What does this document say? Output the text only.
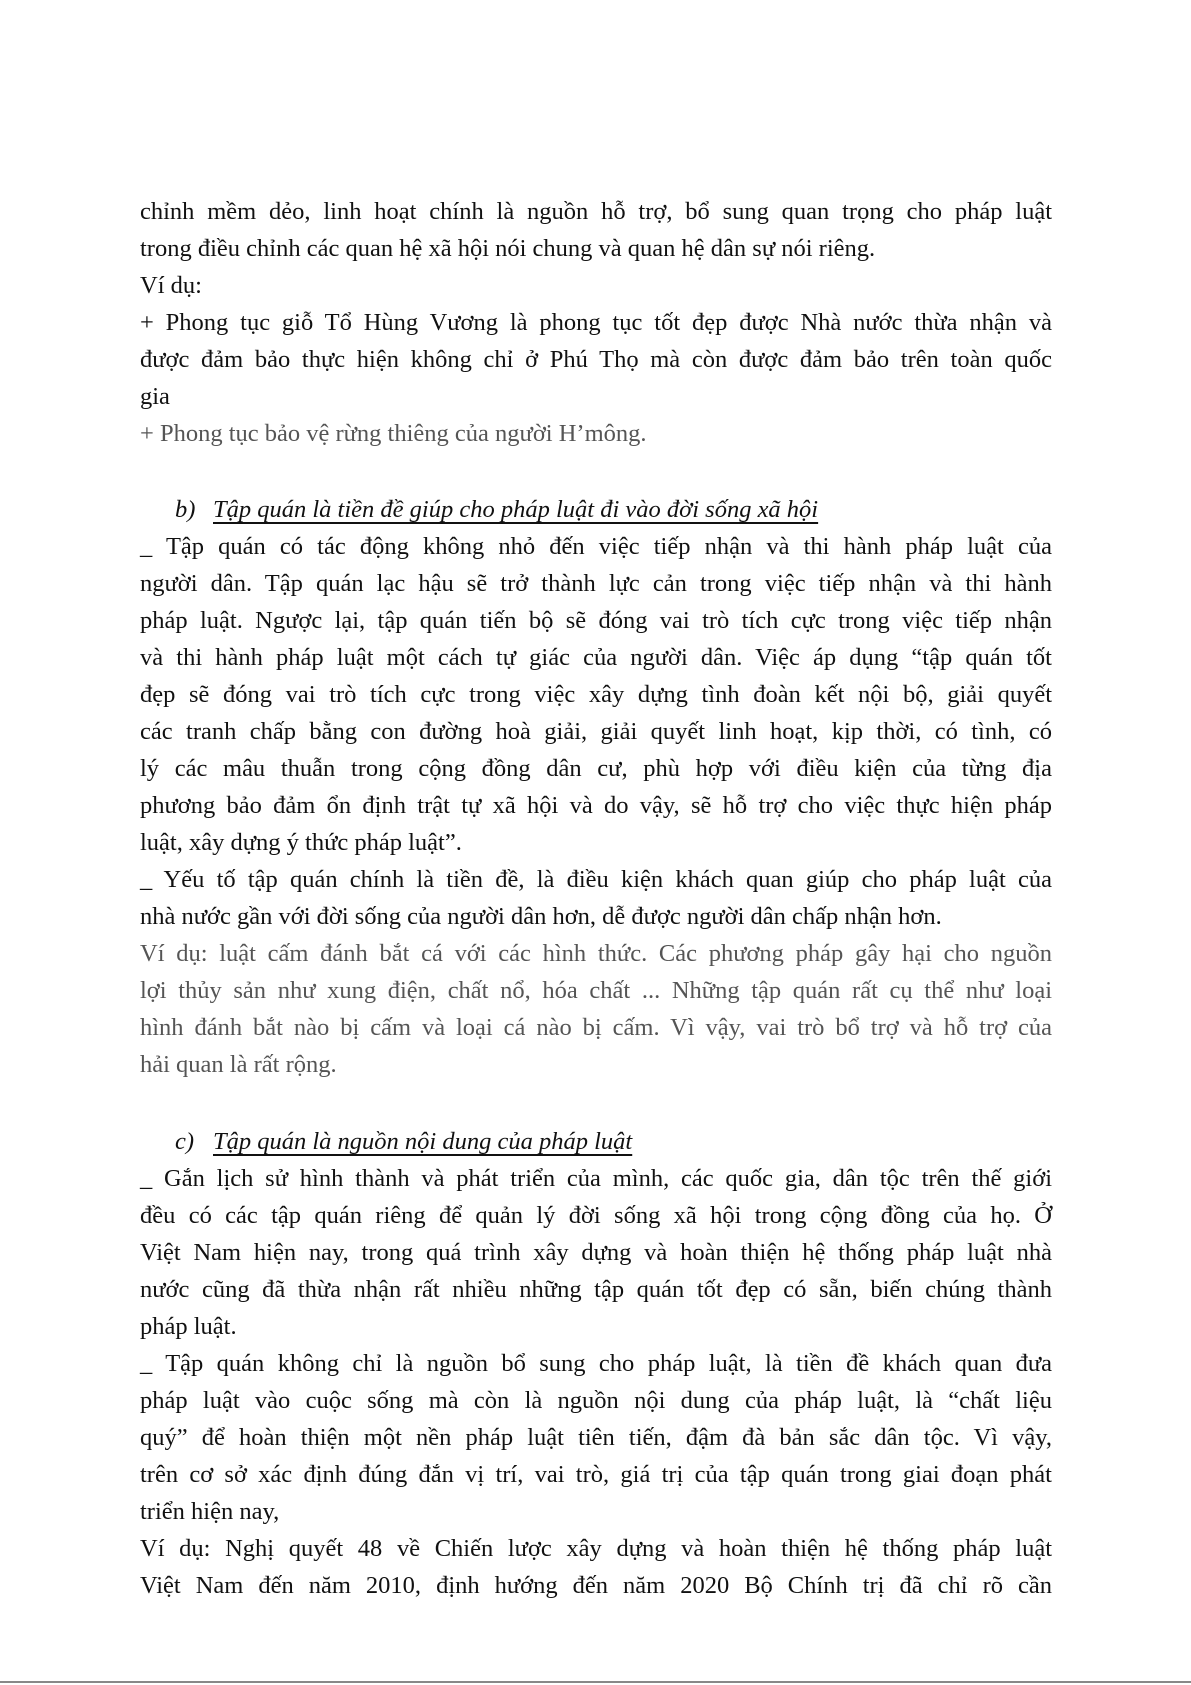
chỉnh mềm dẻo, linh hoạt chính là nguồn hỗ trợ, bổ sung quan trọng cho pháp luật

trong điều chỉnh các quan hệ xã hội nói chung và quan hệ dân sự nói riêng.

Ví dụ:

+ Phong tục giỗ Tổ Hùng Vương là phong tục tốt đẹp được Nhà nước thừa nhận và

được đảm bảo thực hiện không chỉ ở Phú Thọ mà còn được đảm bảo trên toàn quốc

gia

+ Phong tục bảo vệ rừng thiêng của người H’mông.

b) Tập quán là tiền đề giúp cho pháp luật đi vào đời sống xã hội

_ Tập quán có tác động không nhỏ đến việc tiếp nhận và thi hành pháp luật của

người dân. Tập quán lạc hậu sẽ trở thành lực cản trong việc tiếp nhận và thi hành

pháp luật. Ngược lại, tập quán tiến bộ sẽ đóng vai trò tích cực trong việc tiếp nhận

và thi hành pháp luật một cách tự giác của người dân. Việc áp dụng “tập quán tốt

đẹp sẽ đóng vai trò tích cực trong việc xây dựng tình đoàn kết nội bộ, giải quyết

các tranh chấp bằng con đường hoà giải, giải quyết linh hoạt, kịp thời, có tình, có

lý các mâu thuẫn trong cộng đồng dân cư, phù hợp với điều kiện của từng địa

phương bảo đảm ổn định trật tự xã hội và do vậy, sẽ hỗ trợ cho việc thực hiện pháp

luật, xây dựng ý thức pháp luật”.

_ Yếu tố tập quán chính là tiền đề, là điều kiện khách quan giúp cho pháp luật của

nhà nước gần với đời sống của người dân hơn, dễ được người dân chấp nhận hơn.

Ví dụ: luật cấm đánh bắt cá với các hình thức. Các phương pháp gây hại cho nguồn

lợi thủy sản như xung điện, chất nổ, hóa chất ... Những tập quán rất cụ thể như loại

hình đánh bắt nào bị cấm và loại cá nào bị cấm. Vì vậy, vai trò bổ trợ và hỗ trợ của

hải quan là rất rộng.

c) Tập quán là nguồn nội dung của pháp luật

_ Gắn lịch sử hình thành và phát triển của mình, các quốc gia, dân tộc trên thế giới

đều có các tập quán riêng để quản lý đời sống xã hội trong cộng đồng của họ. Ở

Việt Nam hiện nay, trong quá trình xây dựng và hoàn thiện hệ thống pháp luật nhà

nước cũng đã thừa nhận rất nhiều những tập quán tốt đẹp có sẵn, biến chúng thành

pháp luật.

_ Tập quán không chỉ là nguồn bổ sung cho pháp luật, là tiền đề khách quan đưa

pháp luật vào cuộc sống mà còn là nguồn nội dung của pháp luật, là “chất liệu

quý” để hoàn thiện một nền pháp luật tiên tiến, đậm đà bản sắc dân tộc. Vì vậy,

trên cơ sở xác định đúng đắn vị trí, vai trò, giá trị của tập quán trong giai đoạn phát

triển hiện nay,

Ví dụ: Nghị quyết 48 về Chiến lược xây dựng và hoàn thiện hệ thống pháp luật

Việt Nam đến năm 2010, định hướng đến năm 2020 Bộ Chính trị đã chỉ rõ cần
